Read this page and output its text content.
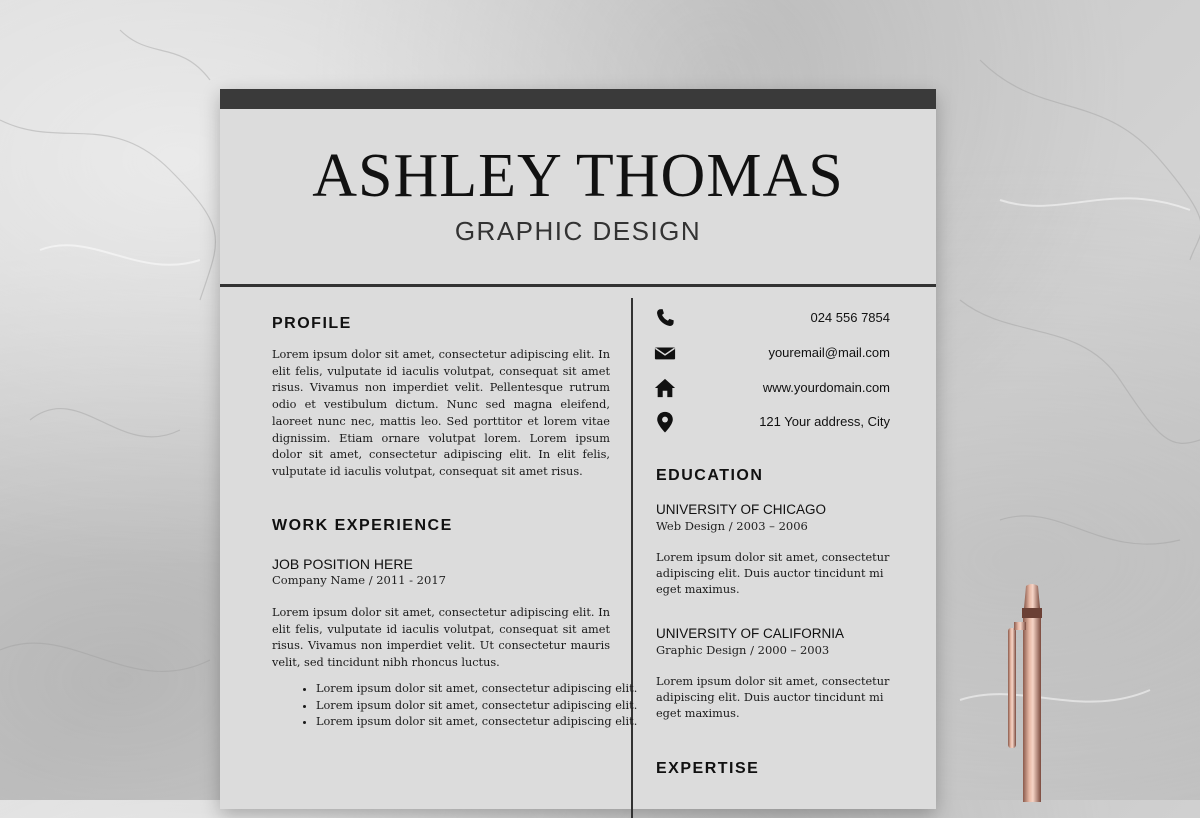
ASHLEY THOMAS
GRAPHIC DESIGN
PROFILE
Lorem ipsum dolor sit amet, consectetur adipiscing elit. In elit felis, vulputate id iaculis volutpat, consequat sit amet risus. Vivamus non imperdiet velit. Pellentesque rutrum odio et vestibulum dictum. Nunc sed magna eleifend, laoreet nunc nec, mattis leo. Sed porttitor et lorem vitae dignissim. Etiam ornare volutpat lorem. Lorem ipsum dolor sit amet, consectetur adipiscing elit. In elit felis, vulputate id iaculis volutpat, consequat sit amet risus.
WORK EXPERIENCE
JOB POSITION HERE
Company Name / 2011 - 2017
Lorem ipsum dolor sit amet, consectetur adipiscing elit. In elit felis, vulputate id iaculis volutpat, consequat sit amet risus. Vivamus non imperdiet velit. Ut consectetur mauris velit, sed tincidunt nibh rhoncus luctus.
• Lorem ipsum dolor sit amet, consectetur adipiscing elit.
• Lorem ipsum dolor sit amet, consectetur adipiscing elit.
• Lorem ipsum dolor sit amet, consectetur adipiscing elit.
024 556 7854
youremail@mail.com
www.yourdomain.com
121 Your address, City
EDUCATION
UNIVERSITY OF CHICAGO
Web Design / 2003 – 2006
Lorem ipsum dolor sit amet, consectetur adipiscing elit. Duis auctor tincidunt mi eget maximus.
UNIVERSITY OF CALIFORNIA
Graphic Design / 2000 – 2003
Lorem ipsum dolor sit amet, consectetur adipiscing elit. Duis auctor tincidunt mi eget maximus.
EXPERTISE
